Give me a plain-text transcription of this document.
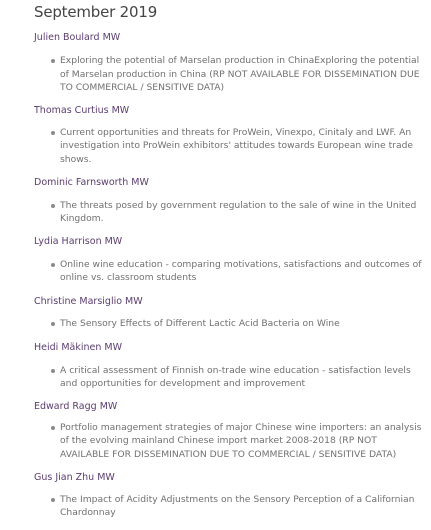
September 2019
Julien Boulard MW
Exploring the potential of Marselan production in ChinaExploring the potential of Marselan production in China (RP NOT AVAILABLE FOR DISSEMINATION DUE TO COMMERCIAL / SENSITIVE DATA)
Thomas Curtius MW
Current opportunities and threats for ProWein, Vinexpo, Cinitaly and LWF. An investigation into ProWein exhibitors' attitudes towards European wine trade shows.
Dominic Farnsworth MW
The threats posed by government regulation to the sale of wine in the United Kingdom.
Lydia Harrison MW
Online wine education - comparing motivations, satisfactions and outcomes of online vs. classroom students
Christine Marsiglio MW
The Sensory Effects of Different Lactic Acid Bacteria on Wine
Heidi Mäkinen MW
A critical assessment of Finnish on-trade wine education - satisfaction levels and opportunities for development and improvement
Edward Ragg MW
Portfolio management strategies of major Chinese wine importers: an analysis of the evolving mainland Chinese import market 2008-2018 (RP NOT AVAILABLE FOR DISSEMINATION DUE TO COMMERCIAL / SENSITIVE DATA)
Gus Jian Zhu MW
The Impact of Acidity Adjustments on the Sensory Perception of a Californian Chardonnay
